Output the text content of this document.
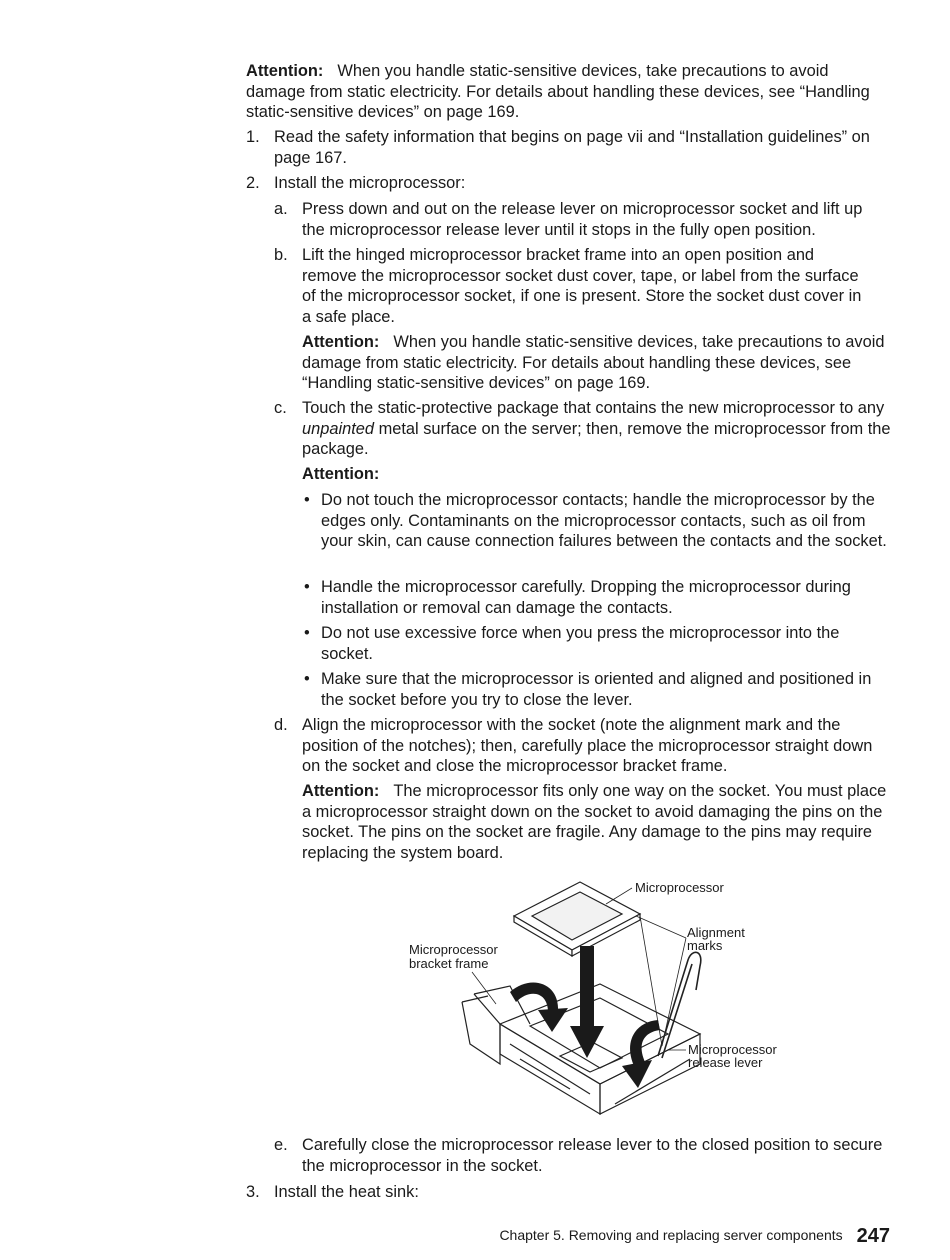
Attention: When you handle static-sensitive devices, take precautions to avoid damage from static electricity. For details about handling these devices, see “Handling static-sensitive devices” on page 169.
1. Read the safety information that begins on page vii and “Installation guidelines” on page 167.
2. Install the microprocessor:
a. Press down and out on the release lever on microprocessor socket and lift up the microprocessor release lever until it stops in the fully open position.
b. Lift the hinged microprocessor bracket frame into an open position and remove the microprocessor socket dust cover, tape, or label from the surface of the microprocessor socket, if one is present. Store the socket dust cover in a safe place.
Attention: When you handle static-sensitive devices, take precautions to avoid damage from static electricity. For details about handling these devices, see “Handling static-sensitive devices” on page 169.
c. Touch the static-protective package that contains the new microprocessor to any unpainted metal surface on the server; then, remove the microprocessor from the package.
Attention:
• Do not touch the microprocessor contacts; handle the microprocessor by the edges only. Contaminants on the microprocessor contacts, such as oil from your skin, can cause connection failures between the contacts and the socket.
• Handle the microprocessor carefully. Dropping the microprocessor during installation or removal can damage the contacts.
• Do not use excessive force when you press the microprocessor into the socket.
• Make sure that the microprocessor is oriented and aligned and positioned in the socket before you try to close the lever.
d. Align the microprocessor with the socket (note the alignment mark and the position of the notches); then, carefully place the microprocessor straight down on the socket and close the microprocessor bracket frame.
Attention: The microprocessor fits only one way on the socket. You must place a microprocessor straight down on the socket to avoid damaging the pins on the socket. The pins on the socket are fragile. Any damage to the pins may require replacing the system board.
Microprocessor
Alignment
marks
Microprocessor
bracket frame
Microprocessor
release lever
e. Carefully close the microprocessor release lever to the closed position to secure the microprocessor in the socket.
3. Install the heat sink:
Chapter 5. Removing and replacing server components 247
